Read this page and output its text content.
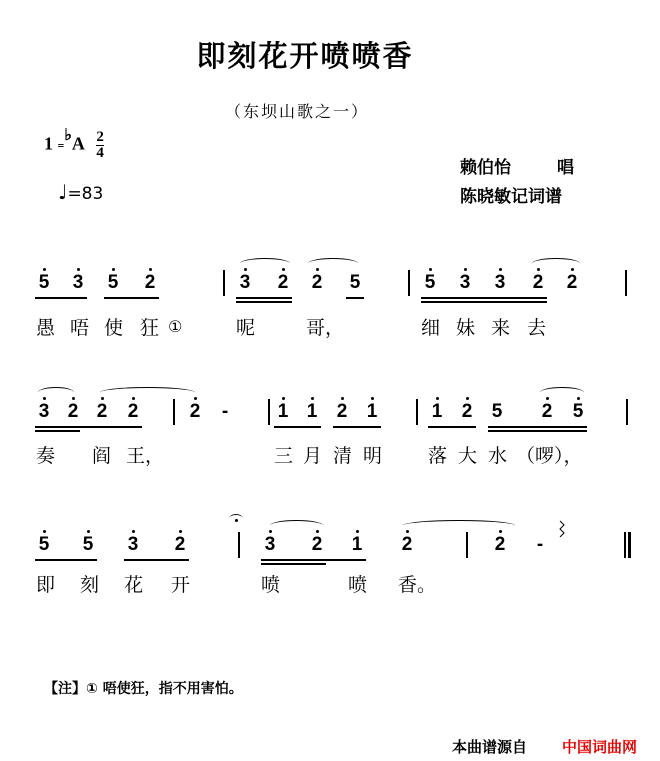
即刻花开喷喷香
（东坝山歌之一）
1 =♭A $\frac{2}{4}$
♩=83
赖伯怡	唱
陈晓敏记词谱
5 3 5 2	3 2 2 5	5 3 3 2 2
愚 唔 使 狂 ①	呢	哥，	细 妹 来 去
3 2 2 2	2	-	1 1 2 1	1 2 5 2 5
奏 阎 王，	三 月 清 明 落 大 水 （啰），
5 5 3 2	3 2 1 2	2	-
即 刻 花 开	喷	喷 香。
【注】① 唔使狂，指不用害怕。
本曲谱源自 中国词曲网
